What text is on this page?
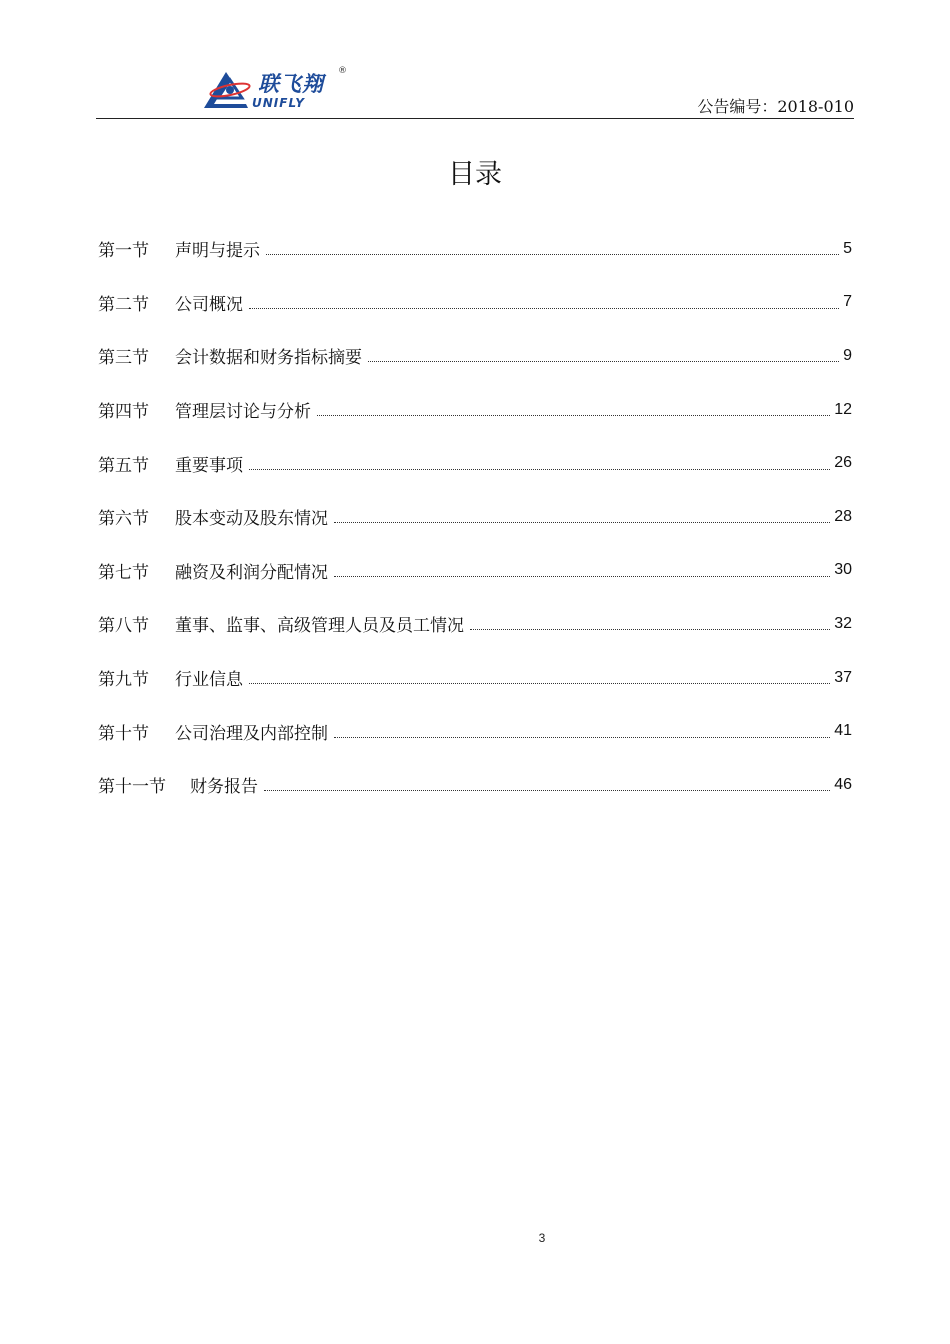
联飞翔
®
UNIFLY	公告编号：2018-010
目录
第一节 声明与提示	5
第二节 公司概况	7
第三节 会计数据和财务指标摘要	9
第四节 管理层讨论与分析	12
第五节 重要事项	26
第六节 股本变动及股东情况	28
第七节 融资及利润分配情况	30
第八节 董事、监事、高级管理人员及员工情况	32
第九节 行业信息	37
第十节 公司治理及内部控制	41
第十一节 财务报告	46
3
